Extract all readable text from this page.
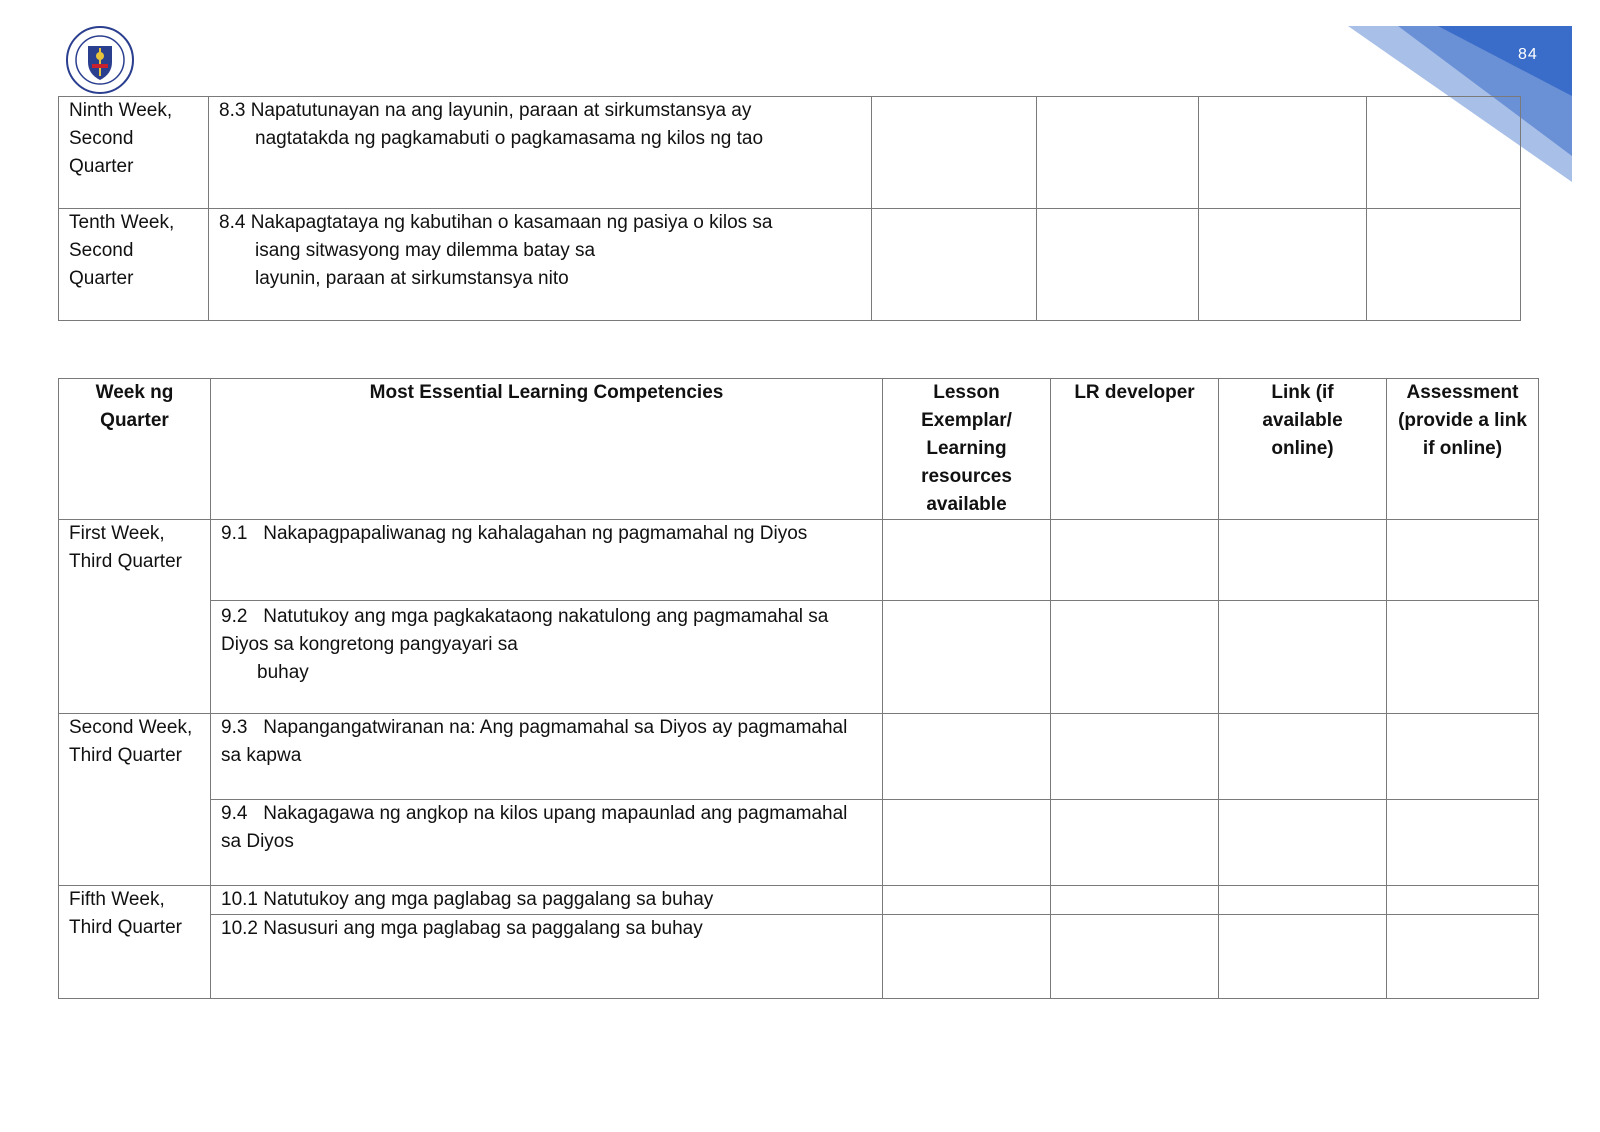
84
Ninth Week, Second Quarter	8.3 Napatutunayan na ang layunin, paraan at sirkumstansya ay
nagtatakda ng pagkamabuti o pagkamasama ng kilos ng tao				

Tenth Week, Second Quarter	8.4 Nakapagtataya ng kabutihan o kasamaan ng pasiya o kilos sa
isang sitwasyong may dilemma batay sa
layunin, paraan at sirkumstansya nito				

Week ng Quarter	Most Essential Learning Competencies	Lesson Exemplar/ Learning resources available	LR developer	Link (if available online)	Assessment (provide a link if online)
First Week, Third Quarter	9.1   Nakapagpapaliwanag ng kahalagahan ng pagmamahal ng Diyos				
	9.2   Natutukoy ang mga pagkakataong nakatulong ang pagmamahal sa Diyos sa kongretong pangyayari sa
buhay				

Second Week, Third Quarter	9.3   Napangangatwiranan na: Ang pagmamahal sa Diyos ay pagmamahal sa kapwa				
	9.4   Nakagagawa ng angkop na kilos upang mapaunlad ang pagmamahal sa Diyos				
Fifth Week, Third Quarter	10.1 Natutukoy ang mga paglabag sa paggalang sa buhay				
	10.2 Nasusuri ang mga paglabag sa paggalang sa buhay				
